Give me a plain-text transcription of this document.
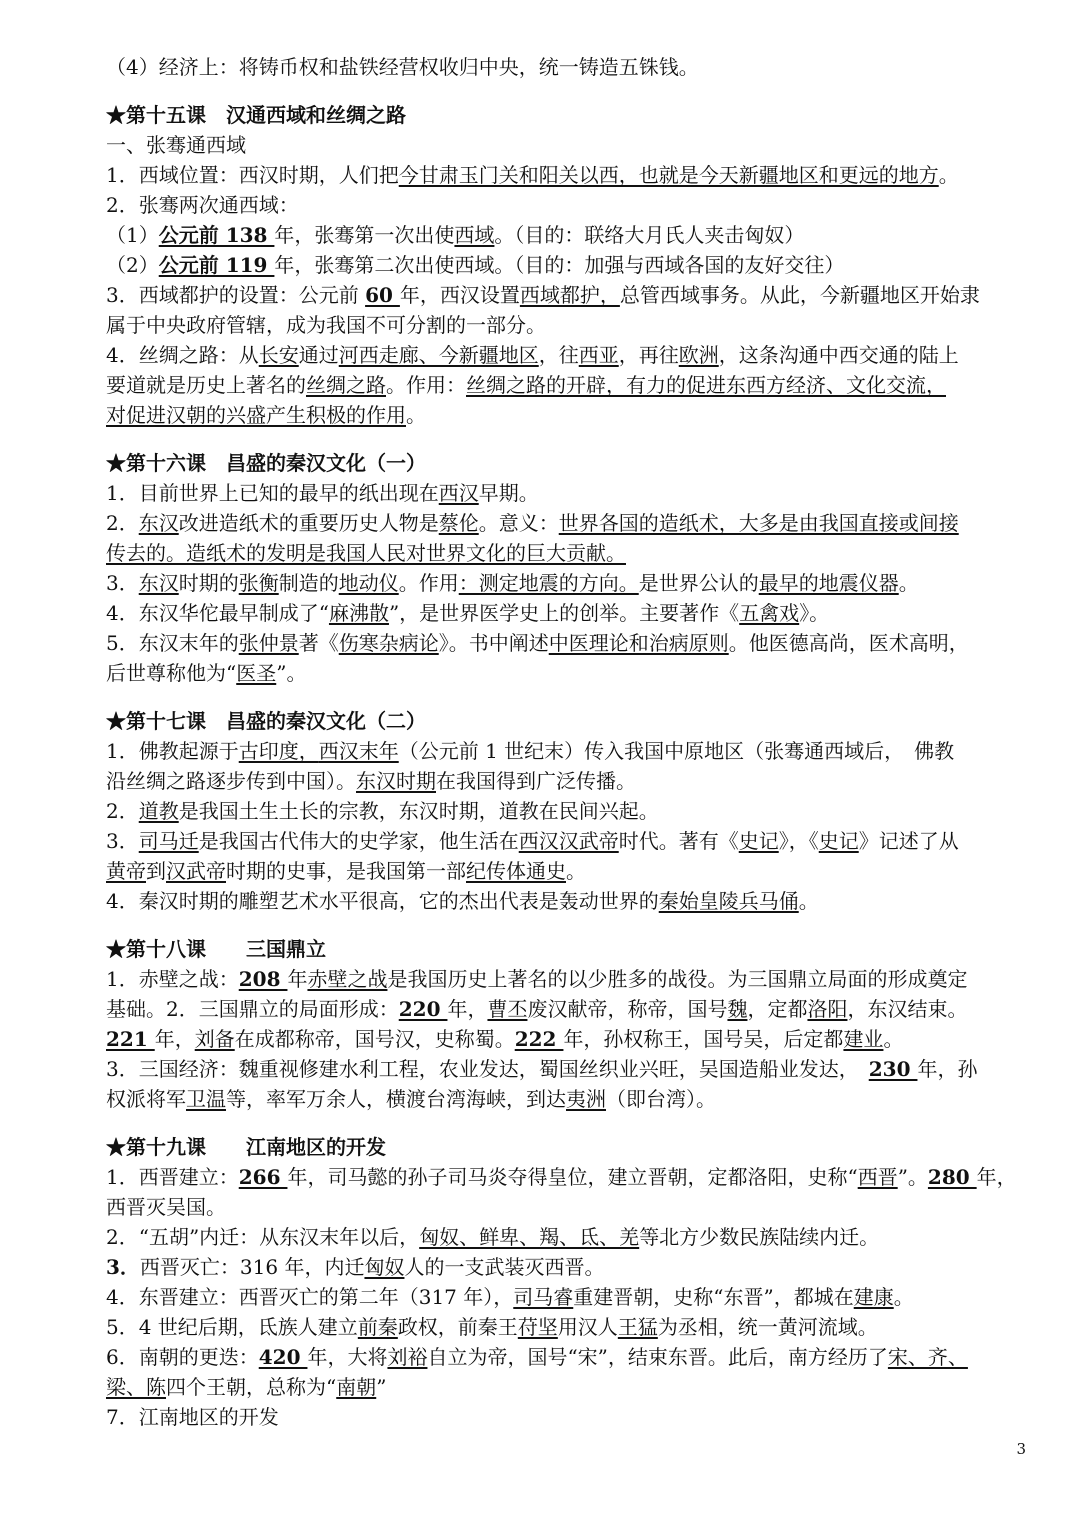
（4）经济上：将铸币权和盐铁经营权收归中央，统一铸造五铢钱。
★第十五课　汉通西域和丝绸之路
一、张骞通西域
1．西域位置：西汉时期，人们把今甘肃玉门关和阳关以西，也就是今天新疆地区和更远的地方。
2．张骞两次通西域：
（1）公元前 138 年，张骞第一次出使西域。（目的：联络大月氏人夹击匈奴）
（2）公元前 119 年，张骞第二次出使西域。（目的：加强与西域各国的友好交往）
3．西域都护的设置：公元前 60 年，西汉设置西域都护，总管西域事务。从此，今新疆地区开始隶
属于中央政府管辖，成为我国不可分割的一部分。
4．丝绸之路：从长安通过河西走廊、今新疆地区，往西亚，再往欧洲，这条沟通中西交通的陆上
要道就是历史上著名的丝绸之路。作用：丝绸之路的开辟，有力的促进东西方经济、文化交流，
对促进汉朝的兴盛产生积极的作用。
★第十六课　昌盛的秦汉文化（一）
1．目前世界上已知的最早的纸出现在西汉早期。
2．东汉改进造纸术的重要历史人物是蔡伦。意义：世界各国的造纸术，大多是由我国直接或间接
传去的。造纸术的发明是我国人民对世界文化的巨大贡献。
3．东汉时期的张衡制造的地动仪。作用：测定地震的方向。是世界公认的最早的地震仪器。
4．东汉华佗最早制成了“麻沸散”，是世界医学史上的创举。主要著作《五禽戏》。
5．东汉末年的张仲景著《伤寒杂病论》。书中阐述中医理论和治病原则。他医德高尚，医术高明，
后世尊称他为“医圣”。
★第十七课　昌盛的秦汉文化（二）
1．佛教起源于古印度，西汉末年（公元前 1 世纪末）传入我国中原地区（张骞通西域后，　佛教
沿丝绸之路逐步传到中国）。东汉时期在我国得到广泛传播。
2．道教是我国土生土长的宗教，东汉时期，道教在民间兴起。
3．司马迁是我国古代伟大的史学家，他生活在西汉汉武帝时代。著有《史记》，《史记》记述了从
黄帝到汉武帝时期的史事，是我国第一部纪传体通史。
4．秦汉时期的雕塑艺术水平很高，它的杰出代表是轰动世界的秦始皇陵兵马俑。
★第十八课　　三国鼎立
1．赤壁之战：208 年赤壁之战是我国历史上著名的以少胜多的战役。为三国鼎立局面的形成奠定
基础。2．三国鼎立的局面形成：220 年，曹丕废汉献帝，称帝，国号魏，定都洛阳，东汉结束。
221 年，刘备在成都称帝，国号汉，史称蜀。222 年，孙权称王，国号吴，后定都建业。
3．三国经济：魏重视修建水利工程，农业发达，蜀国丝织业兴旺，吴国造船业发达，　230 年，孙
权派将军卫温等，率军万余人，横渡台湾海峡，到达夷洲（即台湾）。
★第十九课　　江南地区的开发
1．西晋建立：266 年，司马懿的孙子司马炎夺得皇位，建立晋朝，定都洛阳，史称“西晋”。280 年，
西晋灭吴国。
2．“五胡”内迁：从东汉末年以后，匈奴、鲜卑、羯、氐、羌等北方少数民族陆续内迁。
3．西晋灭亡：316 年，内迁匈奴人的一支武装灭西晋。
4．东晋建立：西晋灭亡的第二年（317 年），司马睿重建晋朝，史称“东晋”，都城在建康。
5．4 世纪后期，氐族人建立前秦政权，前秦王苻坚用汉人王猛为丞相，统一黄河流域。
6．南朝的更迭：420 年，大将刘裕自立为帝，国号“宋”，结束东晋。此后，南方经历了宋、齐、
梁、陈四个王朝，总称为“南朝”
7．江南地区的开发
3
